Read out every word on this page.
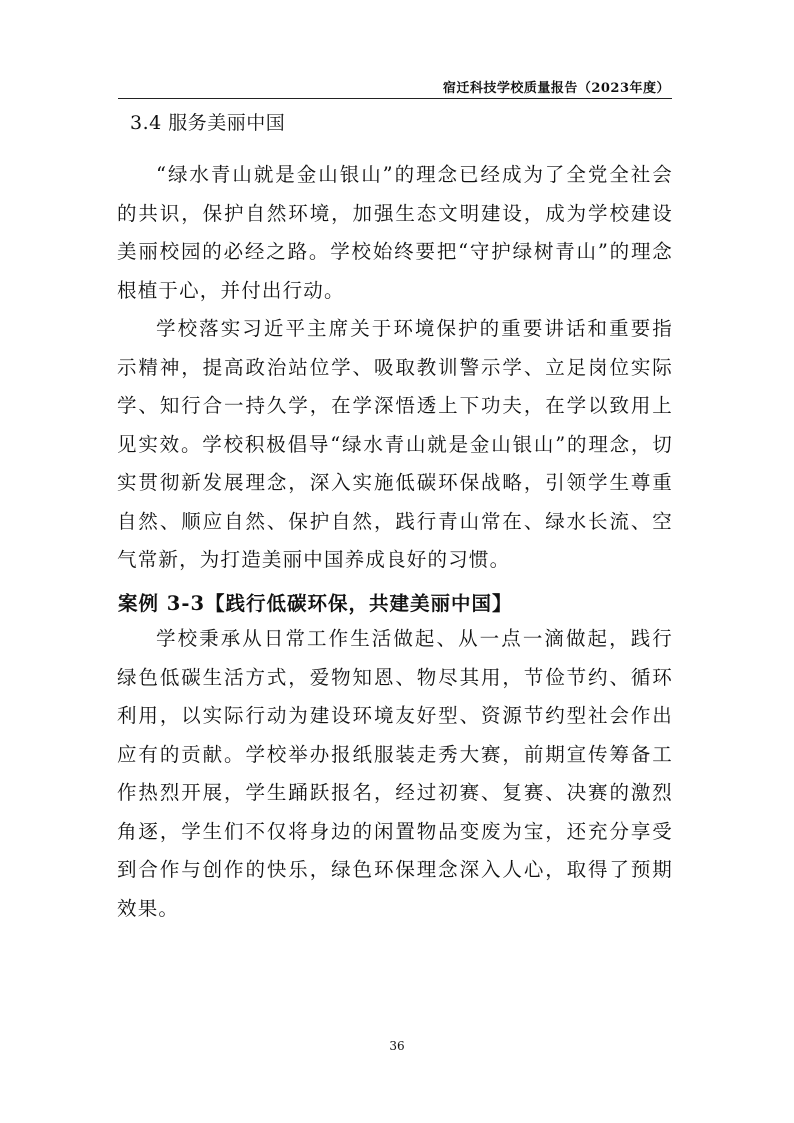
宿迁科技学校质量报告（2023年度）
3.4 服务美丽中国

“绿水青山就是金山银山”的理念已经成为了全党全社会的共识，保护自然环境，加强生态文明建设，成为学校建设美丽校园的必经之路。学校始终要把“守护绿树青山”的理念根植于心，并付出行动。

学校落实习近平主席关于环境保护的重要讲话和重要指示精神，提高政治站位学、吸取教训警示学、立足岗位实际学、知行合一持久学，在学深悟透上下功夫，在学以致用上见实效。学校积极倡导“绿水青山就是金山银山”的理念，切实贯彻新发展理念，深入实施低碳环保战略，引领学生尊重自然、顺应自然、保护自然，践行青山常在、绿水长流、空气常新，为打造美丽中国养成良好的习惯。

案例 3-3【践行低碳环保，共建美丽中国】

学校秉承从日常工作生活做起、从一点一滴做起，践行绿色低碳生活方式，爱物知恩、物尽其用，节俭节约、循环利用，以实际行动为建设环境友好型、资源节约型社会作出应有的贡献。学校举办报纸服装走秀大赛，前期宣传筹备工作热烈开展，学生踊跃报名，经过初赛、复赛、决赛的激烈角逐，学生们不仅将身边的闲置物品变废为宝，还充分享受到合作与创作的快乐，绿色环保理念深入人心，取得了预期效果。

36
